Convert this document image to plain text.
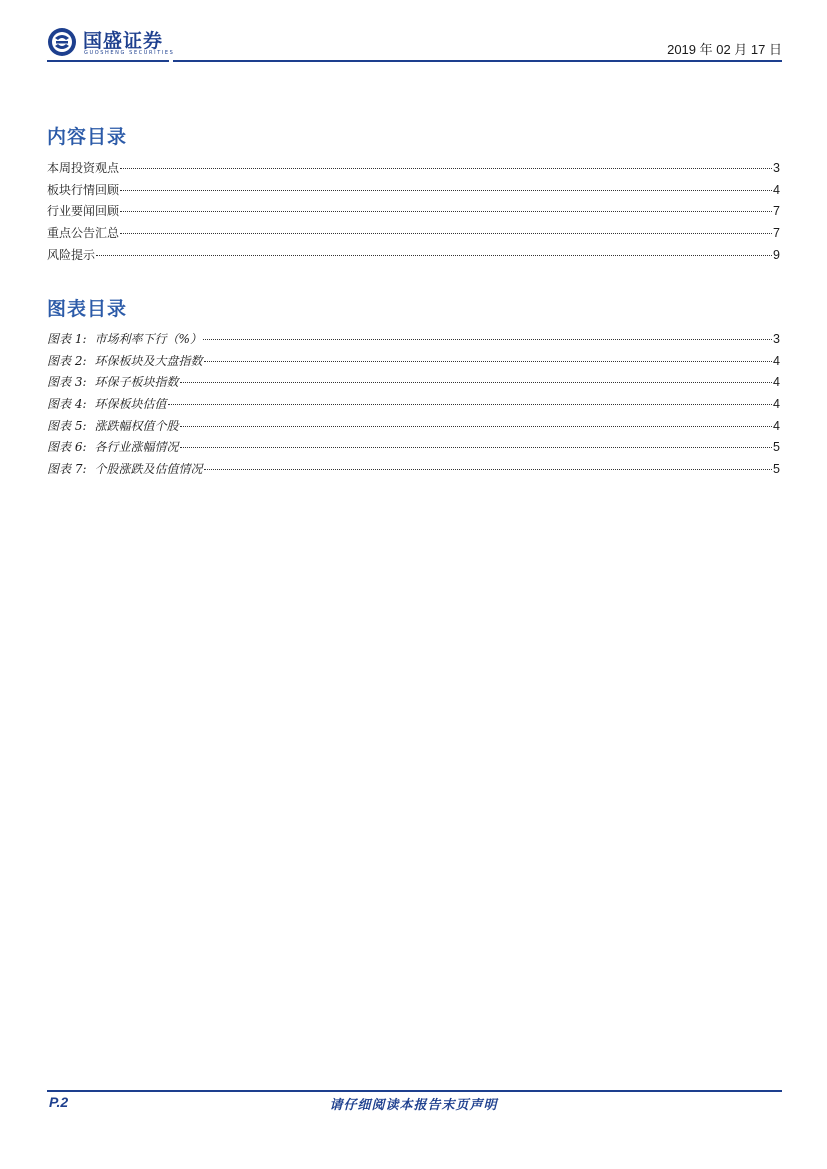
国盛证券
GUOSHENG SECURITIES	2019 年 02 月 17 日
内容目录
本周投资观点	3
板块行情回顾	4
行业要闻回顾	7
重点公告汇总	7
风险提示	9
图表目录
图表 1: 市场利率下行（%）	3
图表 2: 环保板块及大盘指数	4
图表 3: 环保子板块指数	4
图表 4: 环保板块估值	4
图表 5: 涨跌幅权值个股	4
图表 6: 各行业涨幅情况	5
图表 7: 个股涨跌及估值情况	5
P.2	请仔细阅读本报告末页声明
